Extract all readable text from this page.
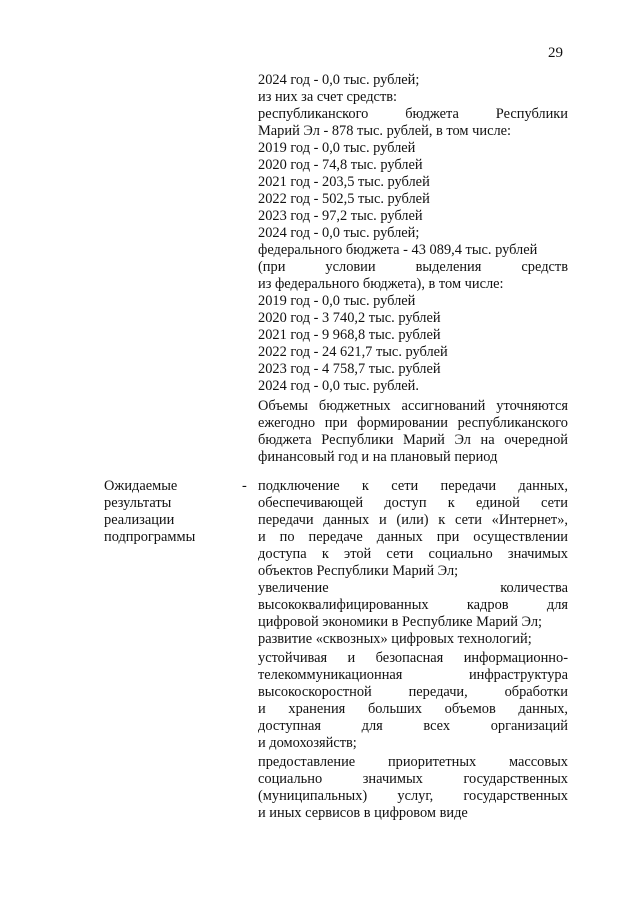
29
2024 год - 0,0 тыс. рублей;
из них за счет средств:
республиканского бюджета Республики
Марий Эл - 878 тыс. рублей, в том числе:
2019 год - 0,0 тыс. рублей
2020 год - 74,8 тыс. рублей
2021 год - 203,5 тыс. рублей
2022 год - 502,5 тыс. рублей
2023 год - 97,2 тыс. рублей
2024 год - 0,0 тыс. рублей;
федерального бюджета - 43 089,4 тыс. рублей
(при условии выделения средств
из федерального бюджета), в том числе:
2019 год - 0,0 тыс. рублей
2020 год - 3 740,2 тыс. рублей
2021 год - 9 968,8 тыс. рублей
2022 год - 24 621,7 тыс. рублей
2023 год - 4 758,7 тыс. рублей
2024 год - 0,0 тыс. рублей.
Объемы бюджетных ассигнований уточняются
ежегодно при формировании республиканского
бюджета Республики Марий Эл на очередной
финансовый год и на плановый период
Ожидаемые
результаты
реализации
подпрограммы
- подключение к сети передачи данных,
обеспечивающей доступ к единой сети
передачи данных и (или) к сети «Интернет»,
и по передаче данных при осуществлении
доступа к этой сети социально значимых
объектов Республики Марий Эл;
увеличение количества
высококвалифицированных кадров для
цифровой экономики в Республике Марий Эл;
развитие «сквозных» цифровых технологий;
устойчивая и безопасная информационно-
телекоммуникационная инфраструктура
высокоскоростной передачи, обработки
и хранения больших объемов данных,
доступная для всех организаций
и домохозяйств;
предоставление приоритетных массовых
социально значимых государственных
(муниципальных) услуг, государственных
и иных сервисов в цифровом виде
